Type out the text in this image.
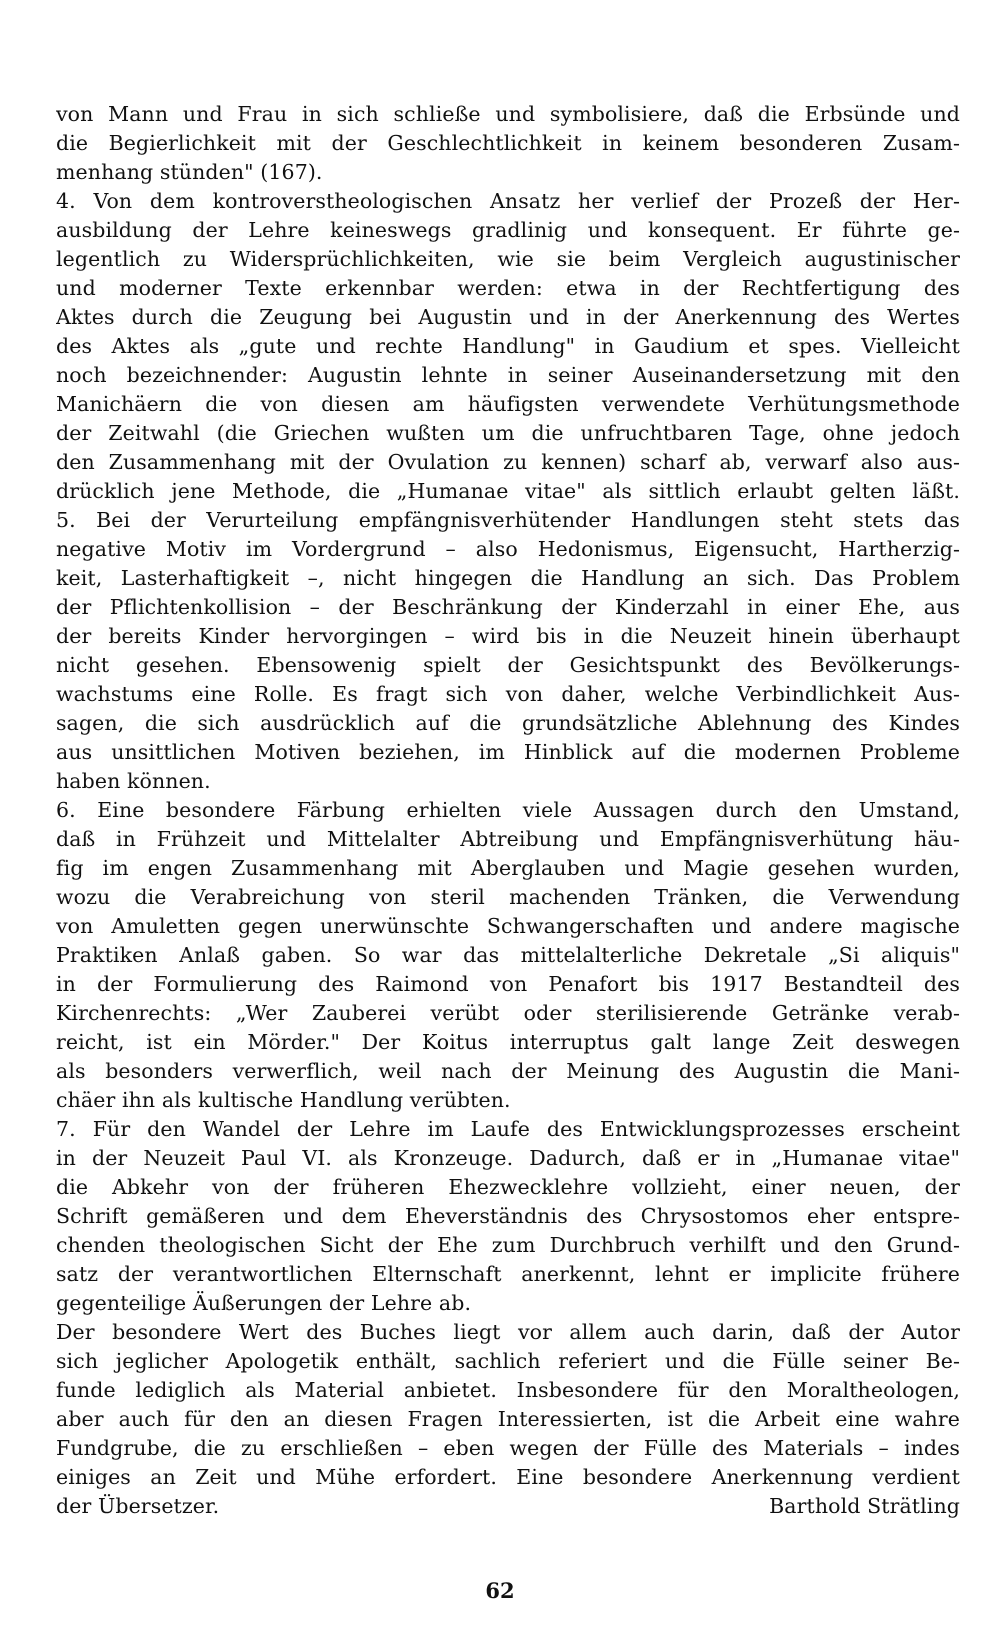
von Mann und Frau in sich schließe und symbolisiere, daß die Erbsünde und
die Begierlichkeit mit der Geschlechtlichkeit in keinem besonderen Zusam-
menhang stünden" (167).
4. Von dem kontroverstheologischen Ansatz her verlief der Prozeß der Her-
ausbildung der Lehre keineswegs gradlinig und konsequent. Er führte ge-
legentlich zu Widersprüchlichkeiten, wie sie beim Vergleich augustinischer
und moderner Texte erkennbar werden: etwa in der Rechtfertigung des
Aktes durch die Zeugung bei Augustin und in der Anerkennung des Wertes
des Aktes als „gute und rechte Handlung" in Gaudium et spes. Vielleicht
noch bezeichnender: Augustin lehnte in seiner Auseinandersetzung mit den
Manichäern die von diesen am häufigsten verwendete Verhütungsmethode
der Zeitwahl (die Griechen wußten um die unfruchtbaren Tage, ohne jedoch
den Zusammenhang mit der Ovulation zu kennen) scharf ab, verwarf also aus-
drücklich jene Methode, die „Humanae vitae" als sittlich erlaubt gelten läßt.
5. Bei der Verurteilung empfängnisverhütender Handlungen steht stets das
negative Motiv im Vordergrund – also Hedonismus, Eigensucht, Hartherzig-
keit, Lasterhaftigkeit –, nicht hingegen die Handlung an sich. Das Problem
der Pflichtenkollision – der Beschränkung der Kinderzahl in einer Ehe, aus
der bereits Kinder hervorgingen – wird bis in die Neuzeit hinein überhaupt
nicht gesehen. Ebensowenig spielt der Gesichtspunkt des Bevölkerungs-
wachstums eine Rolle. Es fragt sich von daher, welche Verbindlichkeit Aus-
sagen, die sich ausdrücklich auf die grundsätzliche Ablehnung des Kindes
aus unsittlichen Motiven beziehen, im Hinblick auf die modernen Probleme
haben können.
6. Eine besondere Färbung erhielten viele Aussagen durch den Umstand,
daß in Frühzeit und Mittelalter Abtreibung und Empfängnisverhütung häu-
fig im engen Zusammenhang mit Aberglauben und Magie gesehen wurden,
wozu die Verabreichung von steril machenden Tränken, die Verwendung
von Amuletten gegen unerwünschte Schwangerschaften und andere magische
Praktiken Anlaß gaben. So war das mittelalterliche Dekretale „Si aliquis"
in der Formulierung des Raimond von Penafort bis 1917 Bestandteil des
Kirchenrechts: „Wer Zauberei verübt oder sterilisierende Getränke verab-
reicht, ist ein Mörder." Der Koitus interruptus galt lange Zeit deswegen
als besonders verwerflich, weil nach der Meinung des Augustin die Mani-
chäer ihn als kultische Handlung verübten.
7. Für den Wandel der Lehre im Laufe des Entwicklungsprozesses erscheint
in der Neuzeit Paul VI. als Kronzeuge. Dadurch, daß er in „Humanae vitae"
die Abkehr von der früheren Ehezwecklehre vollzieht, einer neuen, der
Schrift gemäßeren und dem Eheverständnis des Chrysostomos eher entspre-
chenden theologischen Sicht der Ehe zum Durchbruch verhilft und den Grund-
satz der verantwortlichen Elternschaft anerkennt, lehnt er implicite frühere
gegenteilige Äußerungen der Lehre ab.
Der besondere Wert des Buches liegt vor allem auch darin, daß der Autor
sich jeglicher Apologetik enthält, sachlich referiert und die Fülle seiner Be-
funde lediglich als Material anbietet. Insbesondere für den Moraltheologen,
aber auch für den an diesen Fragen Interessierten, ist die Arbeit eine wahre
Fundgrube, die zu erschließen – eben wegen der Fülle des Materials – indes
einiges an Zeit und Mühe erfordert. Eine besondere Anerkennung verdient
der Übersetzer.	Barthold Strätling
62
